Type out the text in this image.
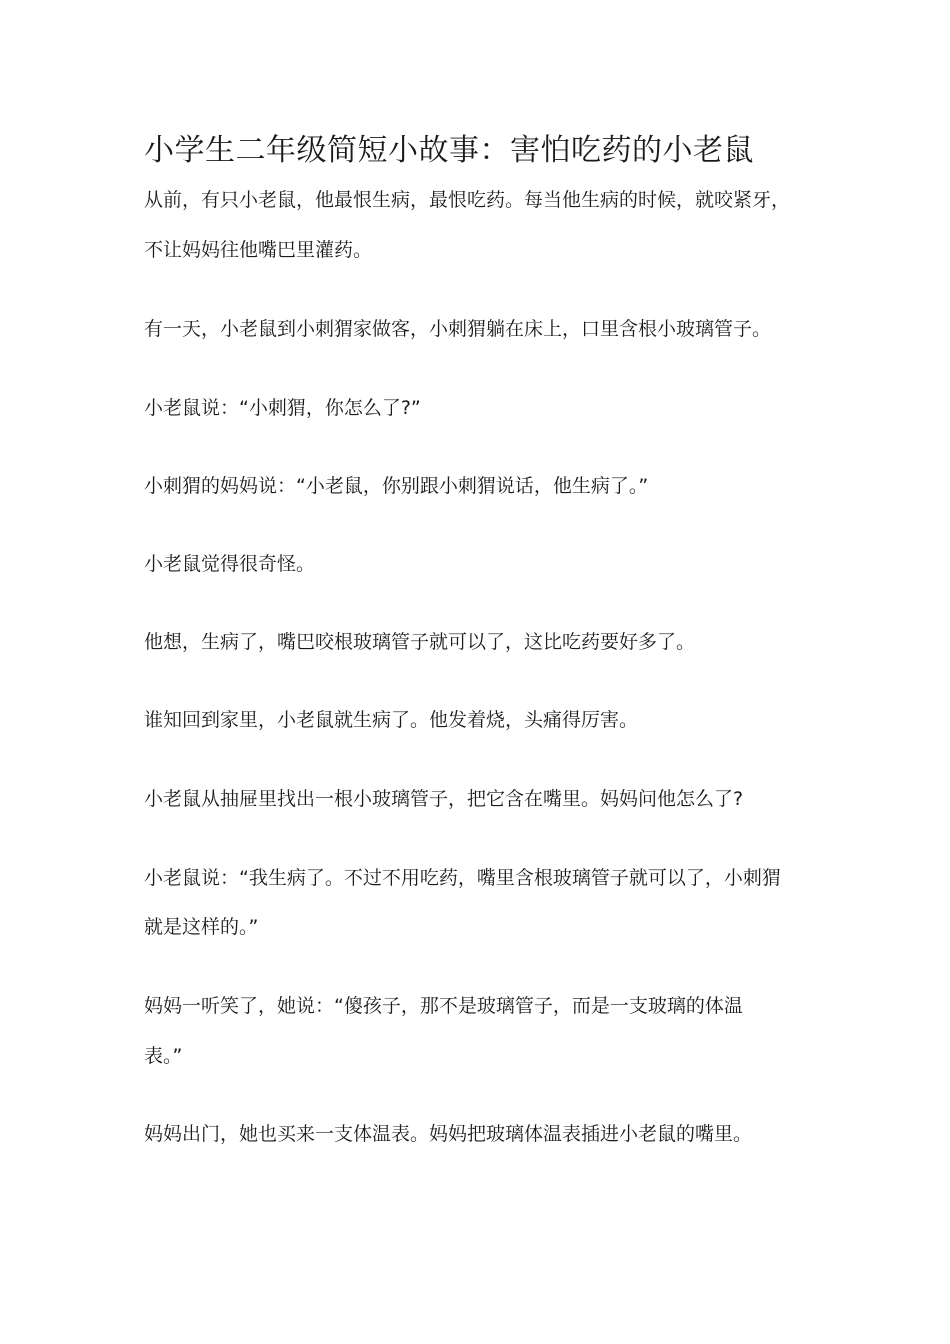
小学生二年级简短小故事：害怕吃药的小老鼠
从前，有只小老鼠，他最恨生病，最恨吃药。每当他生病的时候，就咬紧牙，
不让妈妈往他嘴巴里灌药。
有一天，小老鼠到小刺猬家做客，小刺猬躺在床上，口里含根小玻璃管子。
小老鼠说：“小刺猬，你怎么了?”
小刺猬的妈妈说：“小老鼠，你别跟小刺猬说话，他生病了。”
小老鼠觉得很奇怪。
他想，生病了，嘴巴咬根玻璃管子就可以了，这比吃药要好多了。
谁知回到家里，小老鼠就生病了。他发着烧，头痛得厉害。
小老鼠从抽屉里找出一根小玻璃管子，把它含在嘴里。妈妈问他怎么了?
小老鼠说：“我生病了。不过不用吃药，嘴里含根玻璃管子就可以了，小刺猬
就是这样的。”
妈妈一听笑了，她说：“傻孩子，那不是玻璃管子，而是一支玻璃的体温
表。”
妈妈出门，她也买来一支体温表。妈妈把玻璃体温表插进小老鼠的嘴里。
